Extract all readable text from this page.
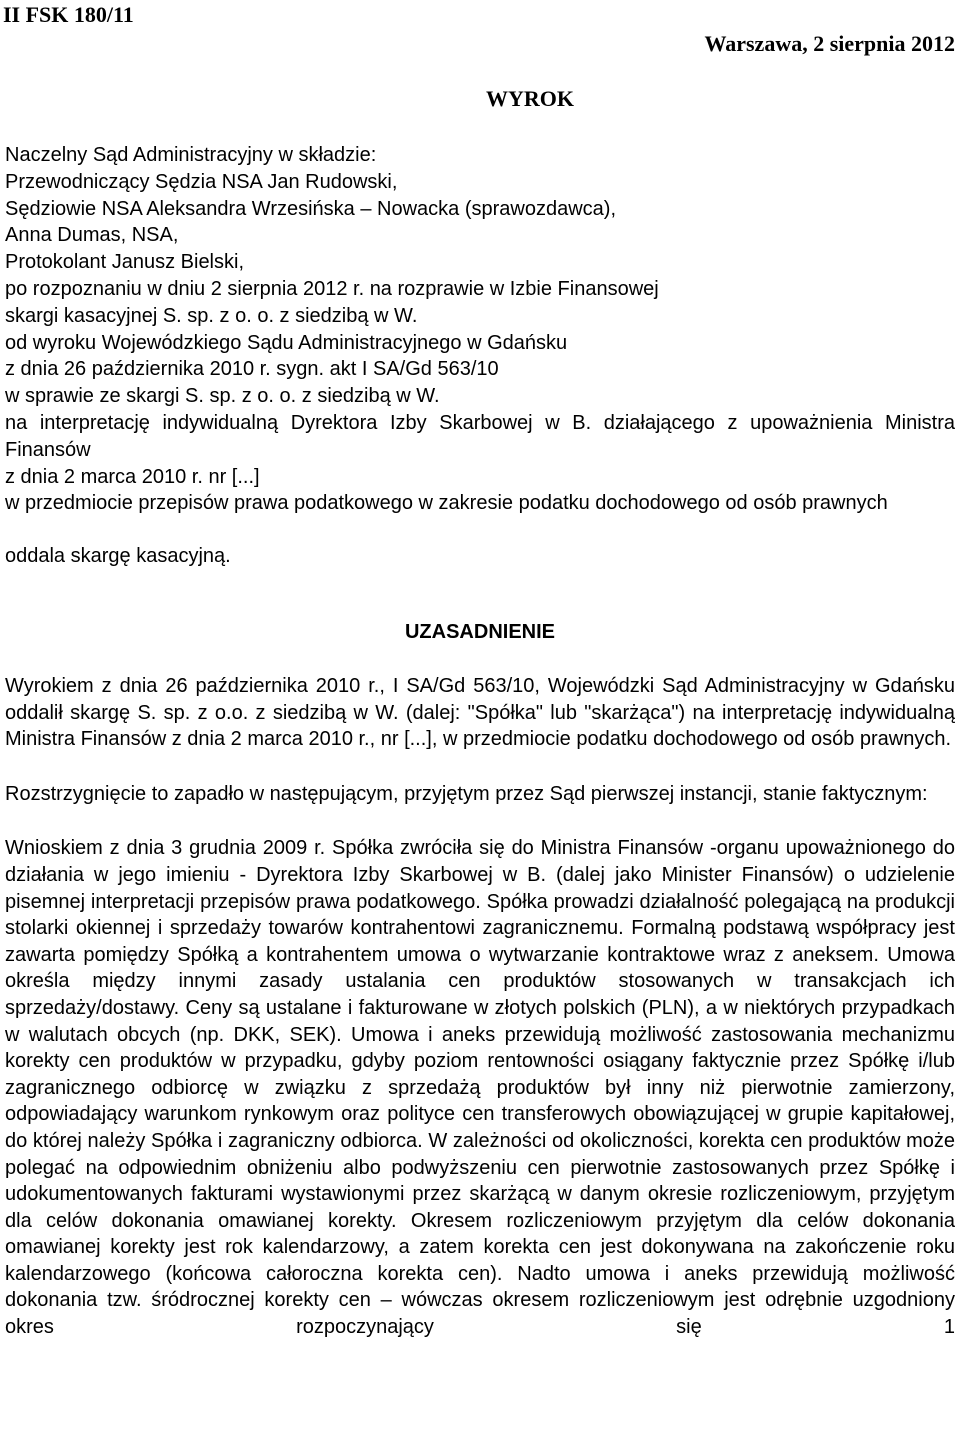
II FSK 180/11
Warszawa, 2 sierpnia 2012
WYROK
Naczelny Sąd Administracyjny w składzie:
Przewodniczący Sędzia NSA Jan Rudowski,
Sędziowie NSA Aleksandra Wrzesińska – Nowacka (sprawozdawca),
Anna Dumas, NSA,
Protokolant Janusz Bielski,
po rozpoznaniu w dniu 2 sierpnia 2012 r. na rozprawie w Izbie Finansowej
skargi kasacyjnej S. sp. z o. o. z siedzibą w W.
od wyroku Wojewódzkiego Sądu Administracyjnego w Gdańsku
z dnia 26 października 2010 r. sygn. akt I SA/Gd 563/10
w sprawie ze skargi S. sp. z o. o. z siedzibą w W.
na interpretację indywidualną Dyrektora Izby Skarbowej w B. działającego z upoważnienia Ministra Finansów
z dnia 2 marca 2010 r. nr [...]
w przedmiocie przepisów prawa podatkowego w zakresie podatku dochodowego od osób prawnych
oddala skargę kasacyjną.
UZASADNIENIE

Wyrokiem z dnia 26 października 2010 r., I SA/Gd 563/10, Wojewódzki Sąd Administracyjny w Gdańsku oddalił skargę S. sp. z o.o. z siedzibą w W. (dalej: "Spółka" lub "skarżąca") na interpretację indywidualną Ministra Finansów z dnia 2 marca 2010 r., nr [...], w przedmiocie podatku dochodowego od osób prawnych.

Rozstrzygnięcie to zapadło w następującym, przyjętym przez Sąd pierwszej instancji, stanie faktycznym:

Wnioskiem z dnia 3 grudnia 2009 r. Spółka zwróciła się do Ministra Finansów -organu upoważnionego do działania w jego imieniu - Dyrektora Izby Skarbowej w B. (dalej jako Minister Finansów) o udzielenie pisemnej interpretacji przepisów prawa podatkowego. Spółka prowadzi działalność polegającą na produkcji stolarki okiennej i sprzedaży towarów kontrahentowi zagranicznemu. Formalną podstawą współpracy jest zawarta pomiędzy Spółką a kontrahentem umowa o wytwarzanie kontraktowe wraz z aneksem. Umowa określa między innymi zasady ustalania cen produktów stosowanych w transakcjach ich sprzedaży/dostawy. Ceny są ustalane i fakturowane w złotych polskich (PLN), a w niektórych przypadkach w walutach obcych (np. DKK, SEK). Umowa i aneks przewidują możliwość zastosowania mechanizmu korekty cen produktów w przypadku, gdyby poziom rentowności osiągany faktycznie przez Spółkę i/lub zagranicznego odbiorcę w związku z sprzedażą produktów był inny niż pierwotnie zamierzony, odpowiadający warunkom rynkowym oraz polityce cen transferowych obowiązującej w grupie kapitałowej, do której należy Spółka i zagraniczny odbiorca. W zależności od okoliczności, korekta cen produktów może polegać na odpowiednim obniżeniu albo podwyższeniu cen pierwotnie zastosowanych przez Spółkę i udokumentowanych fakturami wystawionymi przez skarżącą w danym okresie rozliczeniowym, przyjętym dla celów dokonania omawianej korekty. Okresem rozliczeniowym przyjętym dla celów dokonania omawianej korekty jest rok kalendarzowy, a zatem korekta cen jest dokonywana na zakończenie roku kalendarzowego (końcowa całoroczna korekta cen). Nadto umowa i aneks przewidują możliwość dokonania tzw. śródrocznej korekty cen – wówczas okresem rozliczeniowym jest odrębnie uzgodniony okres rozpoczynający się 1
